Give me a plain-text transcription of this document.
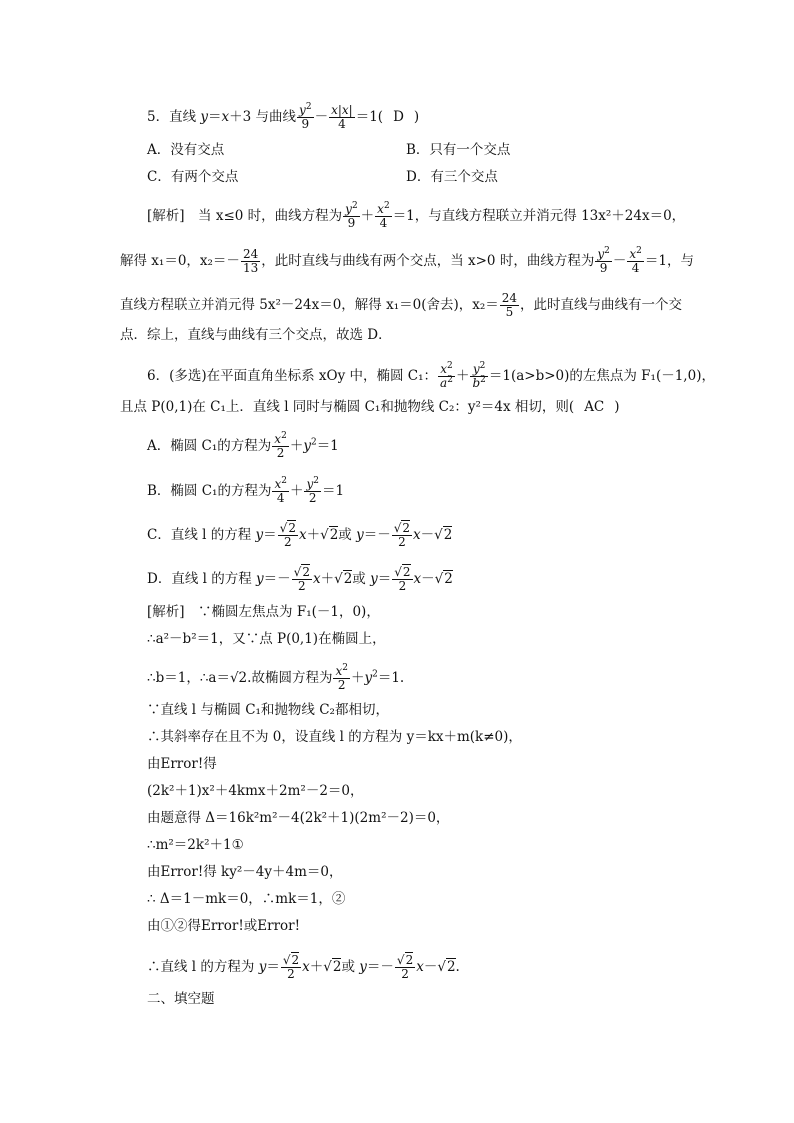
5．直线 y＝x＋3 与曲线 $\frac{y^2}{9} - \frac{x|x|}{4} =1$( D )
A．没有交点	B．只有一个交点
C．有两个交点	D．有三个交点
[解析]　 当 x≤0 时，曲线方程为 $\frac{y^2}{9} + \frac{x^2}{4} =1$，与直线方程联立并消元得 13x²＋24x＝0，
解得 x₁＝0，$x_2=- \frac{24}{13}$ ，此时直线与曲线有两个交点，当 x>0 时，曲线方程为 $\frac{y^2}{9} - \frac{x^2}{4} =1$，与
直线方程联立并消元得 5x²－24x＝0，解得 x₁＝0(舍去)，$x_2= \frac{24}{5}$ ，此时直线与曲线有一个交
点．综上，直线与曲线有三个交点，故选 D．
6．(多选)在平面直角坐标系 xOy 中，椭圆 C₁： $\frac{x^2}{a^2} + \frac{y^2}{b^2} =1(a>b>0)$的左焦点为 F₁(－1,0)，
且点 P(0,1)在 C₁上．直线 l 同时与椭圆 C₁和抛物线 C₂：y²＝4x 相切，则( AC )
A．椭圆 C₁的方程为 $\frac{x^2}{2} +y^2=1$
B．椭圆 C₁的方程为 $\frac{x^2}{4} + \frac{y^2}{2} =1$
C．直线 l 的方程 $y= \frac{√2}{2} x+√2$或 $y=- \frac{√2}{2} x-√2$
D．直线 l 的方程 $y=- \frac{√2}{2} x+√2$或 $y= \frac{√2}{2} x-√2$
[解析]　∵椭圆左焦点为 F₁(－1，0)，
∴a²－b²＝1，又∵点 P(0,1)在椭圆上，
∴b＝1，∴a＝√2.故椭圆方程为 $\frac{x^2}{2} +y^2=1$.
∵直线 l 与椭圆 C₁和抛物线 C₂都相切，
∴其斜率存在且不为 0，设直线 l 的方程为 y＝kx＋m(k≠0)，
由Error!得
(2k²＋1)x²＋4kmx＋2m²－2＝0，
由题意得 Δ＝16k²m²－4(2k²＋1)(2m²－2)＝0，
∴m²＝2k²＋1①
由Error!得 ky²－4y＋4m＝0，
∴ Δ＝1－mk＝0，∴mk＝1，②
由①②得Error!或Error!
∴直线 l 的方程为 $y= \frac{√2}{2} x+√2$或 $y=- \frac{√2}{2} x-√2$.
二、填空题
